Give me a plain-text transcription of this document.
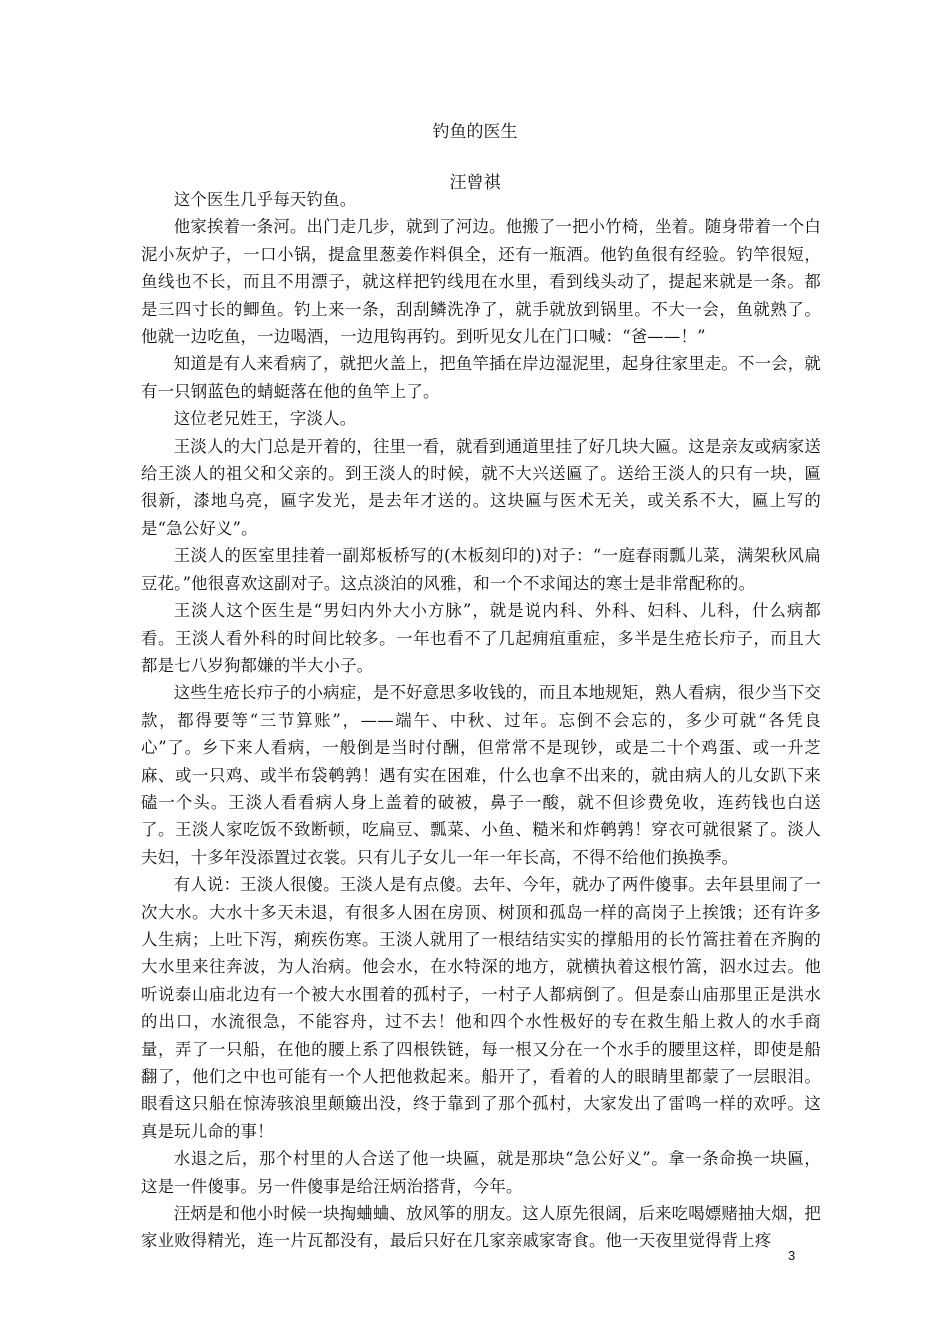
钓鱼的医生
汪曾祺

这个医生几乎每天钓鱼。

他家挨着一条河。出门走几步，就到了河边。他搬了一把小竹椅，坐着。随身带着一个白泥小灰炉子，一口小锅，提盒里葱姜作料俱全，还有一瓶酒。他钓鱼很有经验。钓竿很短，鱼线也不长，而且不用漂子，就这样把钓线甩在水里，看到线头动了，提起来就是一条。都是三四寸长的鲫鱼。钓上来一条，刮刮鳞洗净了，就手就放到锅里。不大一会，鱼就熟了。他就一边吃鱼，一边喝酒，一边甩钩再钓。到听见女儿在门口喊：“爸——！”

知道是有人来看病了，就把火盖上，把鱼竿插在岸边湿泥里，起身往家里走。不一会，就有一只钢蓝色的蜻蜓落在他的鱼竿上了。

这位老兄姓王，字淡人。

王淡人的大门总是开着的，往里一看，就看到通道里挂了好几块大匾。这是亲友或病家送给王淡人的祖父和父亲的。到王淡人的时候，就不大兴送匾了。送给王淡人的只有一块，匾很新，漆地乌亮，匾字发光，是去年才送的。这块匾与医术无关，或关系不大，匾上写的是“急公好义”。

王淡人的医室里挂着一副郑板桥写的(木板刻印的)对子：“一庭春雨瓢儿菜，满架秋风扁豆花。”他很喜欢这副对子。这点淡泊的风雅，和一个不求闻达的寒士是非常配称的。

王淡人这个医生是“男妇内外大小方脉”，就是说内科、外科、妇科、儿科，什么病都看。王淡人看外科的时间比较多。一年也看不了几起痈疽重症，多半是生疮长疖子，而且大都是七八岁狗都嫌的半大小子。

这些生疮长疖子的小病症，是不好意思多收钱的，而且本地规矩，熟人看病，很少当下交款，都得要等“三节算账”，——端午、中秋、过年。忘倒不会忘的，多少可就“各凭良心”了。乡下来人看病，一般倒是当时付酬，但常常不是现钞，或是二十个鸡蛋、或一升芝麻、或一只鸡、或半布袋鹌鹑！遇有实在困难，什么也拿不出来的，就由病人的儿女趴下来磕一个头。王淡人看看病人身上盖着的破被，鼻子一酸，就不但诊费免收，连药钱也白送了。王淡人家吃饭不致断顿，吃扁豆、瓢菜、小鱼、糙米和炸鹌鹑！穿衣可就很紧了。淡人夫妇，十多年没添置过衣裳。只有儿子女儿一年一年长高，不得不给他们换换季。

有人说：王淡人很傻。王淡人是有点傻。去年、今年，就办了两件傻事。去年县里闹了一次大水。大水十多天未退，有很多人困在房顶、树顶和孤岛一样的高岗子上挨饿；还有许多人生病；上吐下泻，痢疾伤寒。王淡人就用了一根结结实实的撑船用的长竹篙拄着在齐胸的大水里来往奔波，为人治病。他会水，在水特深的地方，就横执着这根竹篙，泅水过去。他听说泰山庙北边有一个被大水围着的孤村子，一村子人都病倒了。但是泰山庙那里正是洪水的出口，水流很急，不能容舟，过不去！他和四个水性极好的专在救生船上救人的水手商量，弄了一只船，在他的腰上系了四根铁链，每一根又分在一个水手的腰里这样，即使是船翻了，他们之中也可能有一个人把他救起来。船开了，看着的人的眼睛里都蒙了一层眼泪。眼看这只船在惊涛骇浪里颠簸出没，终于靠到了那个孤村，大家发出了雷鸣一样的欢呼。这真是玩儿命的事！

水退之后，那个村里的人合送了他一块匾，就是那块“急公好义”。拿一条命换一块匾，这是一件傻事。另一件傻事是给汪炳治搭背，今年。

汪炳是和他小时候一块掏蛐蛐、放风筝的朋友。这人原先很阔，后来吃喝嫖赌抽大烟，把家业败得精光，连一片瓦都没有，最后只好在几家亲戚家寄食。他一天夜里觉得背上疼

3
